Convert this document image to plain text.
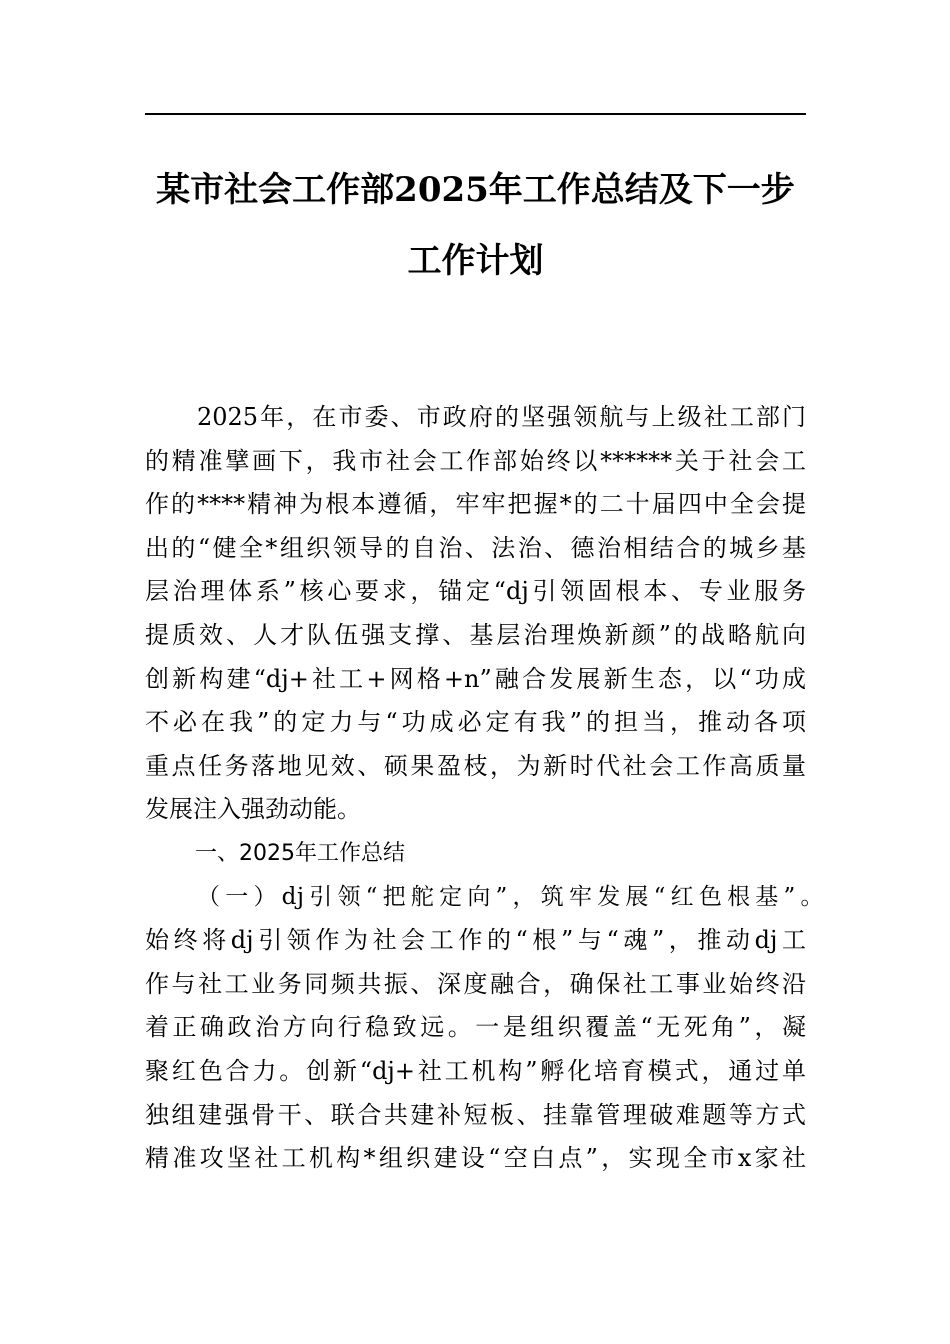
某市社会工作部2025年工作总结及下一步
工作计划
2025年，在市委、市政府的坚强领航与上级社工部门
的精准擘画下，我市社会工作部始终以******关于社会工
作的****精神为根本遵循，牢牢把握*的二十届四中全会提
出的“健全*组织领导的自治、法治、德治相结合的城乡基
层治理体系”核心要求，锚定“dj引领固根本、专业服务
提质效、人才队伍强支撑、基层治理焕新颜”的战略航向
创新构建“dj+社工+网格+n”融合发展新生态，以“功成
不必在我”的定力与“功成必定有我”的担当，推动各项
重点任务落地见效、硕果盈枝，为新时代社会工作高质量
发展注入强劲动能。
一、2025年工作总结
（一）dj引领“把舵定向”，筑牢发展“红色根基”。
始终将dj引领作为社会工作的“根”与“魂”，推动dj工
作与社工业务同频共振、深度融合，确保社工事业始终沿
着正确政治方向行稳致远。一是组织覆盖“无死角”，凝
聚红色合力。创新“dj+社工机构”孵化培育模式，通过单
独组建强骨干、联合共建补短板、挂靠管理破难题等方式
精准攻坚社工机构*组织建设“空白点”，实现全市x家社
